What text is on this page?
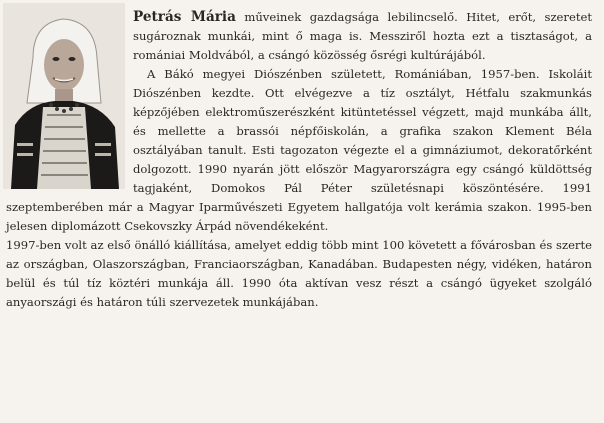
Petrás Mária műveinek gazdagsága lebilincselő. Hitet, erőt, szeretet sugároznak munkái, mint ő maga is. Messziről hozta ezt a tisztaságot, a romániai Moldvából, a csángó közösség ősrégi kultúrájából.

A Bákó megyei Diószénben született, Romániában, 1957-ben. Iskoláit Diószénben kezdte. Ott elvégezve a tíz osztályt, Hétfalu szakmunkás képzőjében elektroműszerészként kitüntetéssel végzett, majd munkába állt, és mellette a brassói népfőiskolán, a grafika szakon Klement Béla osztályában tanult. Esti tagozaton végezte el a gimnáziumot, dekoratőrként dolgozott. 1990 nyarán jött először Magyarországra egy csángó küldöttség tagjaként, Domokos Pál Péter születésnapi köszöntésére. 1991 szeptemberében már a Magyar Iparművészeti Egyetem hallgatója volt kerámia szakon. 1995-ben jelesen diplomázott Csekovszky Árpád növendékeként.

1997-ben volt az első önálló kiállítása, amelyet eddig több mint 100 követett a fővárosban és szerte az országban, Olaszországban, Franciaországban, Kanadában. Budapesten négy, vidéken, határon belül és túl tíz köztéri munkája áll. 1990 óta aktívan vesz részt a csángó ügyeket szolgáló anyaországi és határon túli szervezetek munkájában.
